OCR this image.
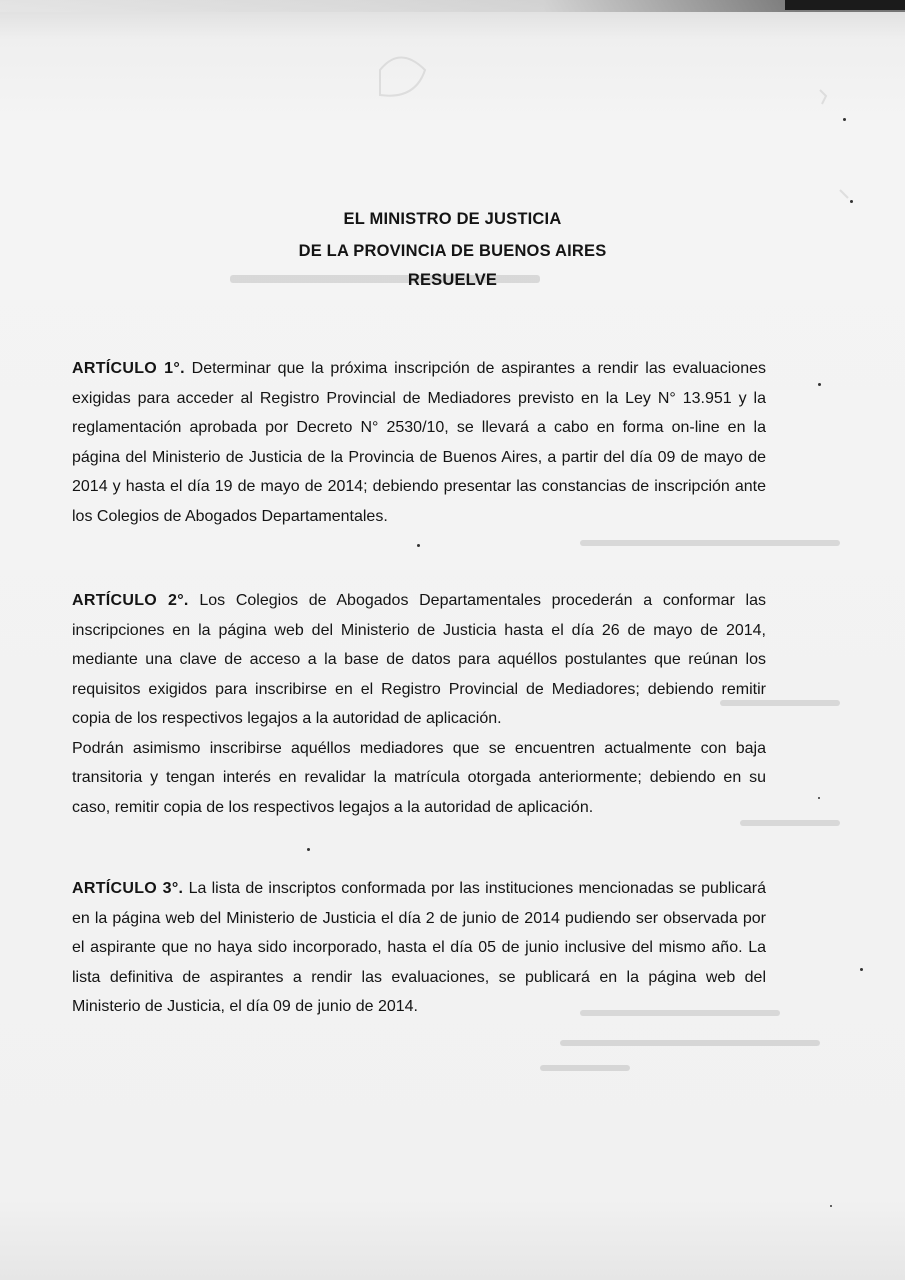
EL MINISTRO DE JUSTICIA
DE LA PROVINCIA DE BUENOS AIRES
RESUELVE

ARTÍCULO 1°. Determinar que la próxima inscripción de aspirantes a rendir las evaluaciones exigidas para acceder al Registro Provincial de Mediadores previsto en la Ley N° 13.951 y la reglamentación aprobada por Decreto N° 2530/10, se llevará a cabo en forma on-line en la página del Ministerio de Justicia de la Provincia de Buenos Aires, a partir del día 09 de mayo de 2014 y hasta el día 19 de mayo de 2014; debiendo presentar las constancias de inscripción ante los Colegios de Abogados Departamentales.

ARTÍCULO 2°. Los Colegios de Abogados Departamentales procederán a conformar las inscripciones en la página web del Ministerio de Justicia hasta el día 26 de mayo de 2014, mediante una clave de acceso a la base de datos para aquéllos postulantes que reúnan los requisitos exigidos para inscribirse en el Registro Provincial de Mediadores; debiendo remitir copia de los respectivos legajos a la autoridad de aplicación.

Podrán asimismo inscribirse aquéllos mediadores que se encuentren actualmente con baja transitoria y tengan interés en revalidar la matrícula otorgada anteriormente; debiendo en su caso, remitir copia de los respectivos legajos a la autoridad de aplicación.

ARTÍCULO 3°. La lista de inscriptos conformada por las instituciones mencionadas se publicará en la página web del Ministerio de Justicia el día 2 de junio de 2014 pudiendo ser observada por el aspirante que no haya sido incorporado, hasta el día 05 de junio inclusive del mismo año. La lista definitiva de aspirantes a rendir las evaluaciones, se publicará en la página web del Ministerio de Justicia, el día 09 de junio de 2014.
